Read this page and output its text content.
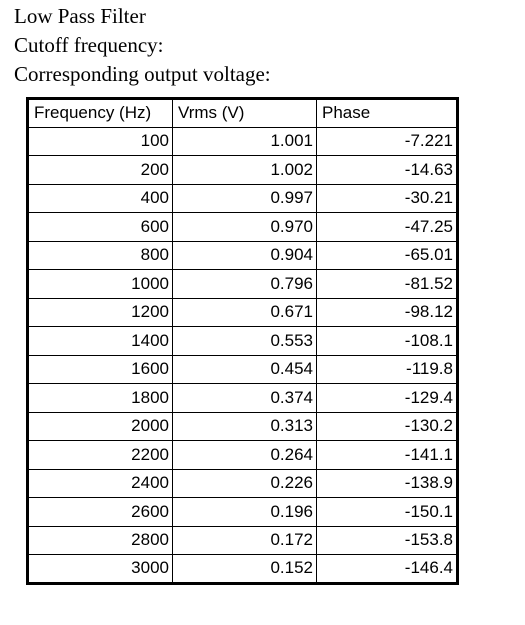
Low Pass Filter
Cutoff frequency:
Corresponding output voltage:
Frequency (Hz)	Vrms (V)	Phase
100	1.001	-7.221
200	1.002	-14.63
400	0.997	-30.21
600	0.970	-47.25
800	0.904	-65.01
1000	0.796	-81.52
1200	0.671	-98.12
1400	0.553	-108.1
1600	0.454	-119.8
1800	0.374	-129.4
2000	0.313	-130.2
2200	0.264	-141.1
2400	0.226	-138.9
2600	0.196	-150.1
2800	0.172	-153.8
3000	0.152	-146.4
